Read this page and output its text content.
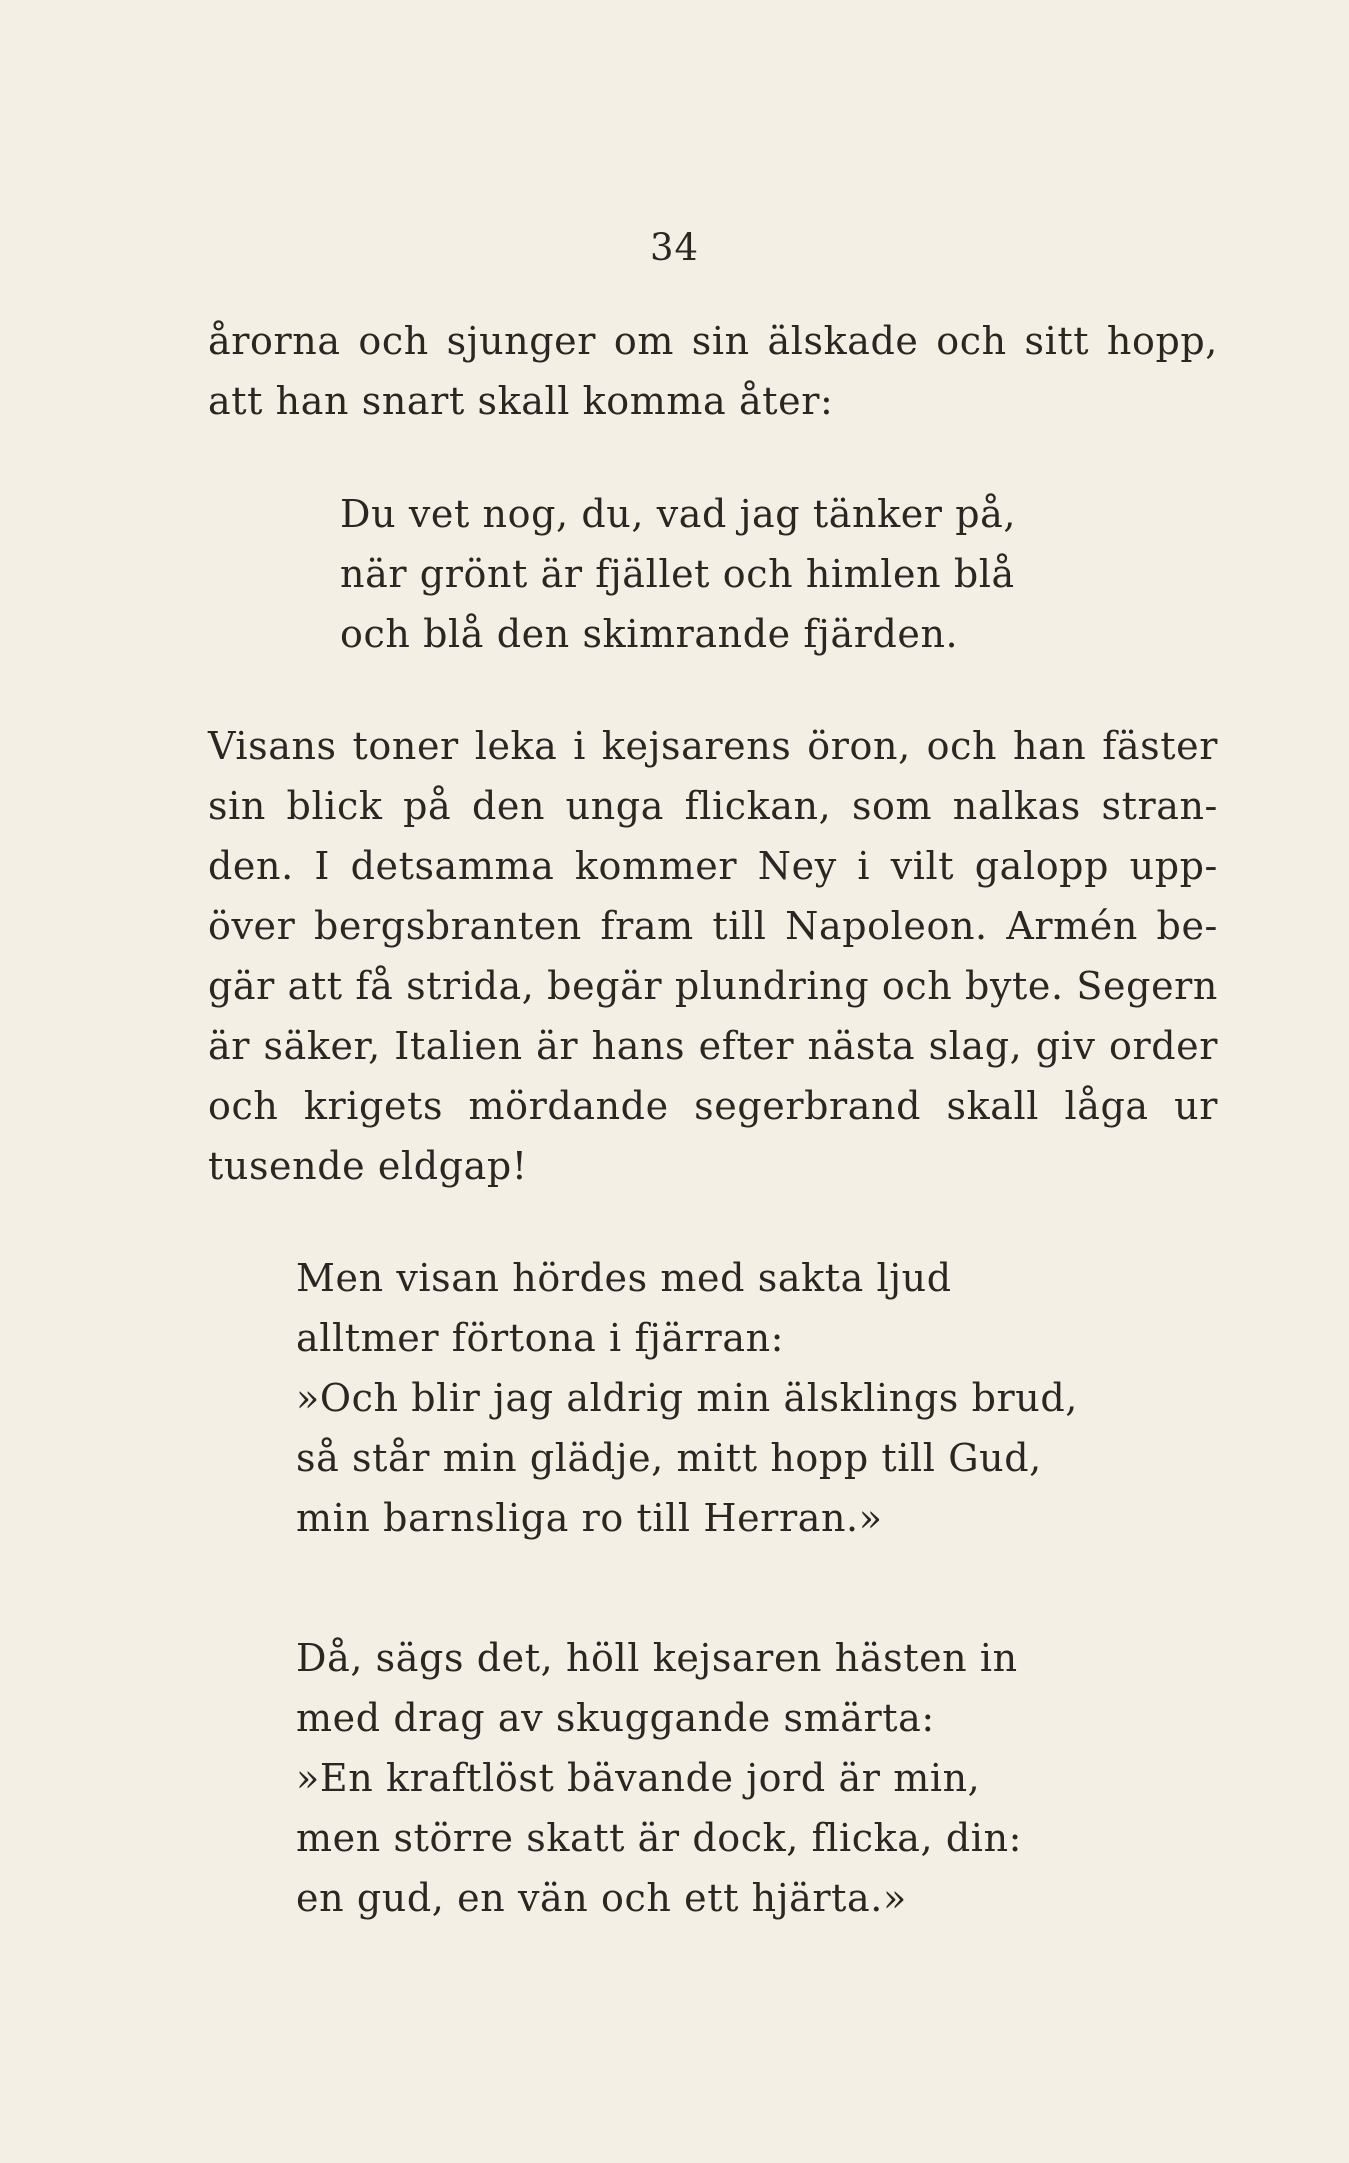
34
årorna och sjunger om sin älskade och sitt hopp,
att han snart skall komma åter:
Du vet nog, du, vad jag tänker på,
när grönt är fjället och himlen blå
och blå den skimrande fjärden.
Visans toner leka i kejsarens öron, och han fäster
sin blick på den unga flickan, som nalkas stran-
den. I detsamma kommer Ney i vilt galopp upp-
över bergsbranten fram till Napoleon. Armén be-
gär att få strida, begär plundring och byte. Segern
är säker, Italien är hans efter nästa slag, giv order
och krigets mördande segerbrand skall låga ur
tusende eldgap!
Men visan hördes med sakta ljud
alltmer förtona i fjärran:
»Och blir jag aldrig min älsklings brud,
så står min glädje, mitt hopp till Gud,
min barnsliga ro till Herran.»
Då, sägs det, höll kejsaren hästen in
med drag av skuggande smärta:
»En kraftlöst bävande jord är min,
men större skatt är dock, flicka, din:
en gud, en vän och ett hjärta.»
